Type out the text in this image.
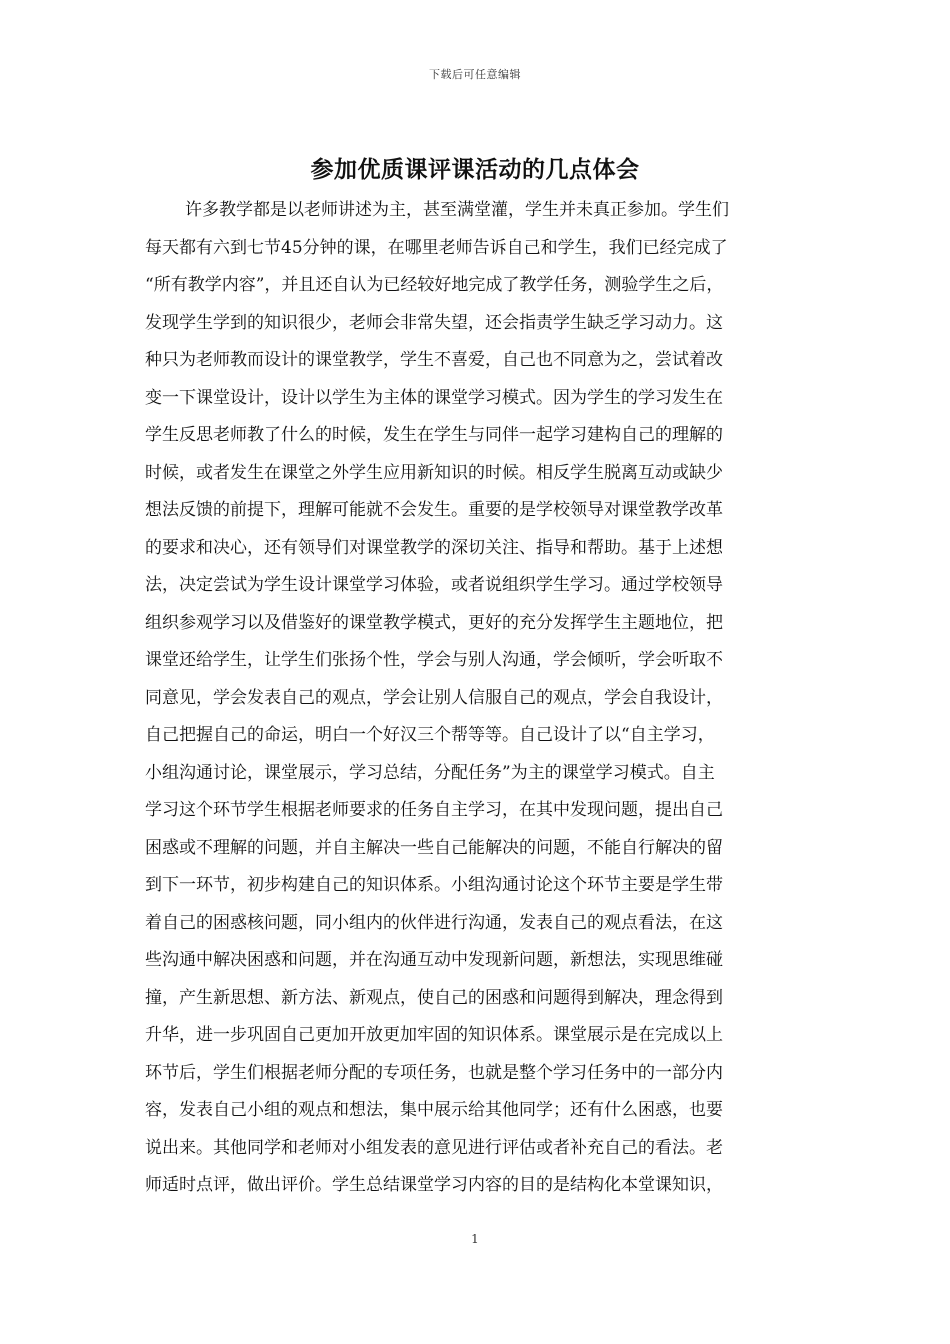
下载后可任意编辑
参加优质课评课活动的几点体会
许多教学都是以老师讲述为主，甚至满堂灌，学生并未真正参加。学生们
每天都有六到七节45分钟的课，在哪里老师告诉自己和学生，我们已经完成了
“所有教学内容”，并且还自认为已经较好地完成了教学任务，测验学生之后，
发现学生学到的知识很少，老师会非常失望，还会指责学生缺乏学习动力。这
种只为老师教而设计的课堂教学，学生不喜爱，自己也不同意为之，尝试着改
变一下课堂设计，设计以学生为主体的课堂学习模式。因为学生的学习发生在
学生反思老师教了什么的时候，发生在学生与同伴一起学习建构自己的理解的
时候，或者发生在课堂之外学生应用新知识的时候。相反学生脱离互动或缺少
想法反馈的前提下，理解可能就不会发生。重要的是学校领导对课堂教学改革
的要求和决心，还有领导们对课堂教学的深切关注、指导和帮助。基于上述想
法，决定尝试为学生设计课堂学习体验，或者说组织学生学习。通过学校领导
组织参观学习以及借鉴好的课堂教学模式，更好的充分发挥学生主题地位，把
课堂还给学生，让学生们张扬个性，学会与别人沟通，学会倾听，学会听取不
同意见，学会发表自己的观点，学会让别人信服自己的观点，学会自我设计，
自己把握自己的命运，明白一个好汉三个帮等等。自己设计了以“自主学习，
小组沟通讨论，课堂展示，学习总结，分配任务”为主的课堂学习模式。自主
学习这个环节学生根据老师要求的任务自主学习，在其中发现问题，提出自己
困惑或不理解的问题，并自主解决一些自己能解决的问题，不能自行解决的留
到下一环节，初步构建自己的知识体系。小组沟通讨论这个环节主要是学生带
着自己的困惑核问题，同小组内的伙伴进行沟通，发表自己的观点看法，在这
些沟通中解决困惑和问题，并在沟通互动中发现新问题，新想法，实现思维碰
撞，产生新思想、新方法、新观点，使自己的困惑和问题得到解决，理念得到
升华，进一步巩固自己更加开放更加牢固的知识体系。课堂展示是在完成以上
环节后，学生们根据老师分配的专项任务，也就是整个学习任务中的一部分内
容，发表自己小组的观点和想法，集中展示给其他同学；还有什么困惑，也要
说出来。其他同学和老师对小组发表的意见进行评估或者补充自己的看法。老
师适时点评，做出评价。学生总结课堂学习内容的目的是结构化本堂课知识，
1
